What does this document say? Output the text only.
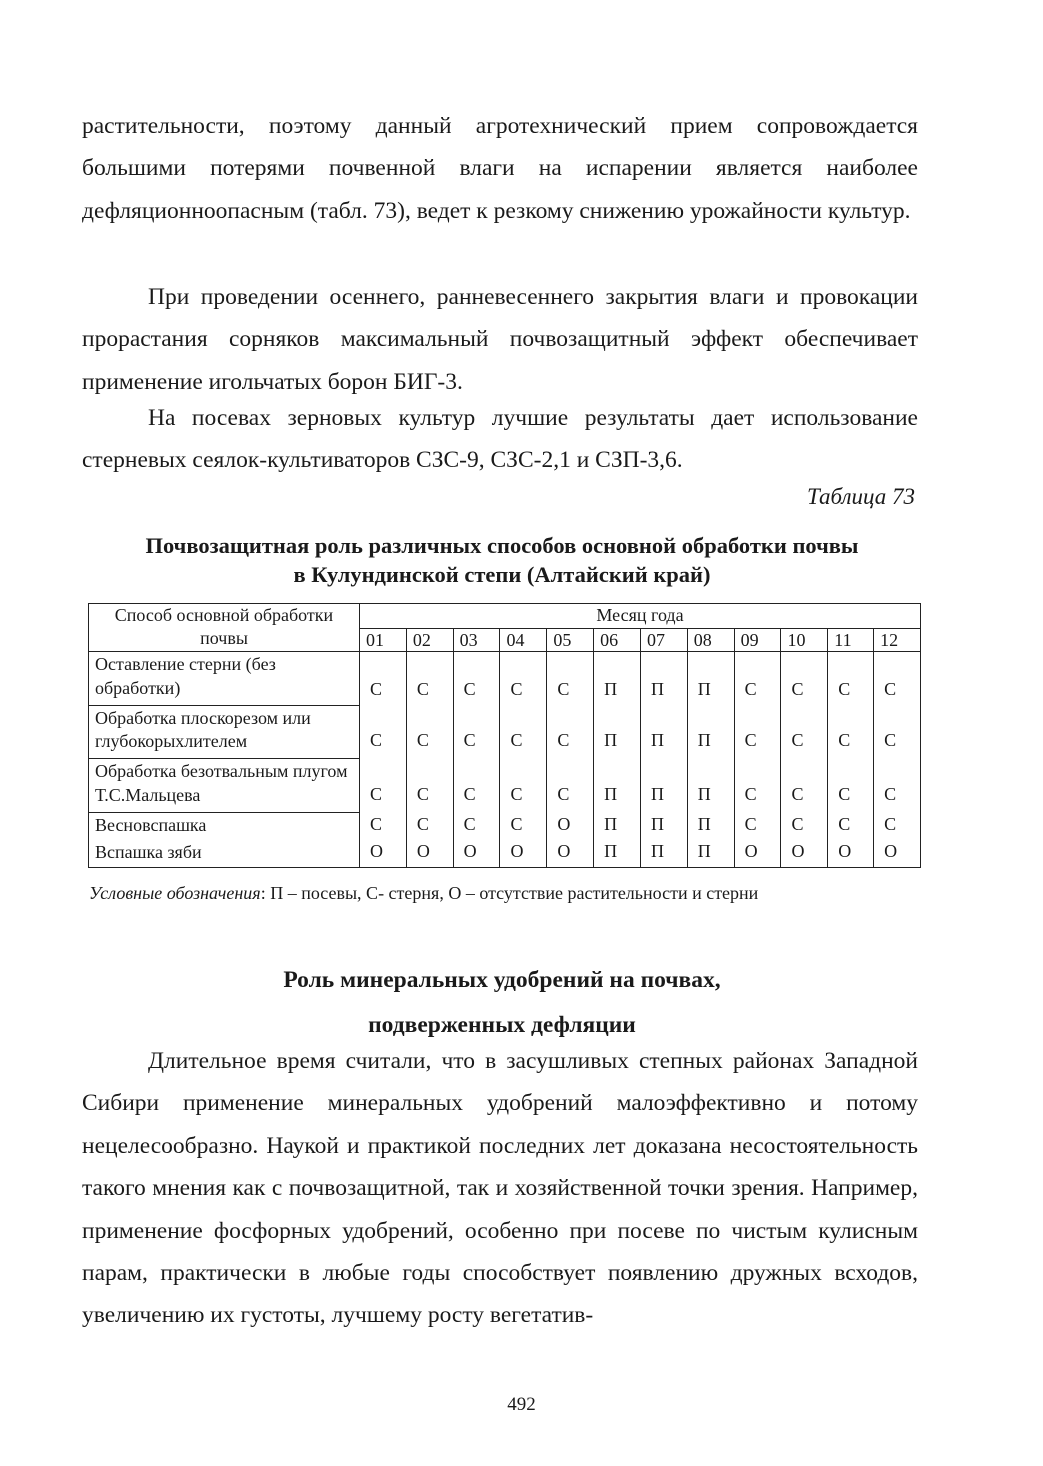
растительности, поэтому данный агротехнический прием сопровождается большими потерями почвенной влаги на испарении является наиболее дефляционноопасным (табл. 73), ведет к резкому снижению урожайности культур.

При проведении осеннего, ранневесеннего закрытия влаги и провокации прорастания сорняков максимальный почвозащитный эффект обеспечивает применение игольчатых борон БИГ-3.

На посевах зерновых культур лучшие результаты дает использование стерневых сеялок-культиваторов СЗС-9, СЗС-2,1 и СЗП-3,6.

Таблица 73
Почвозащитная роль различных способов основной обработки почвы
в Кулундинской степи (Алтайский край)
Способ основной обработки почвы	Месяц года											
	01	02	03	04	05	06	07	08	09	10	11	12
Оставление стерни (без обработки)	С	С	С	С	С	П	П	П	С	С	С	С
Обработка плоскорезом или глубокорыхлителем	С	С	С	С	С	П	П	П	С	С	С	С
Обработка безотвальным плугом Т.С.Мальцева	С	С	С	С	С	П	П	П	С	С	С	С
Весновспашка	С	С	С	С	О	П	П	П	С	С	С	С
Вспашка зяби	О	О	О	О	О	П	П	П	О	О	О	О
Условные обозначения: П – посевы, С- стерня, О – отсутствие растительности и стерни
Роль минеральных удобрений на почвах,
подверженных дефляции

Длительное время считали, что в засушливых степных районах Западной Сибири применение минеральных удобрений малоэффективно и потому нецелесообразно. Наукой и практикой последних лет доказана несостоятельность такого мнения как с почвозащитной, так и хозяйственной точки зрения. Например, применение фосфорных удобрений, особенно при посеве по чистым кулисным парам, практически в любые годы способствует появлению дружных всходов, увеличению их густоты, лучшему росту вегетатив-

492
